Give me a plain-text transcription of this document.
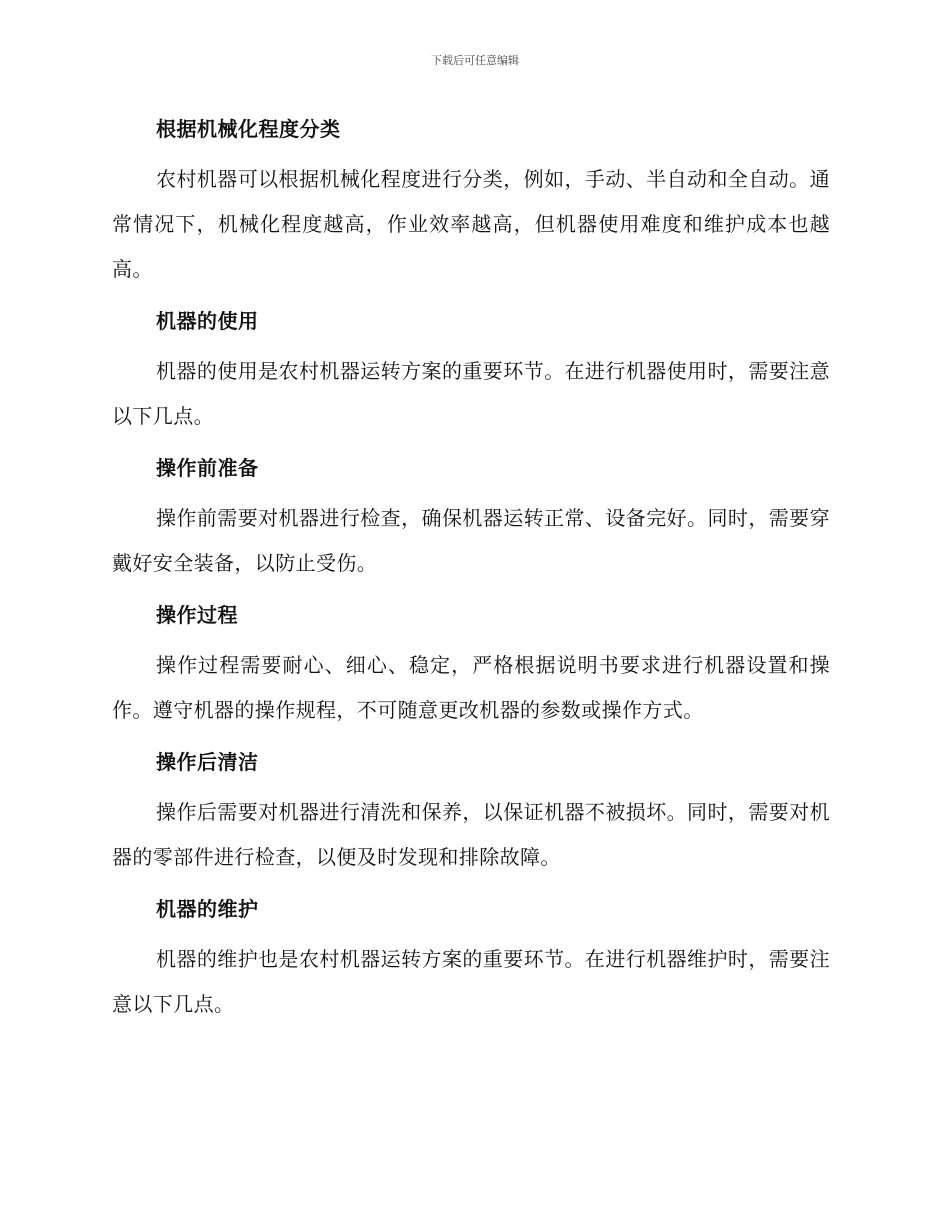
下载后可任意编辑
根据机械化程度分类

农村机器可以根据机械化程度进行分类，例如，手动、半自动和全自动。通常情况下，机械化程度越高，作业效率越高，但机器使用难度和维护成本也越高。

机器的使用

机器的使用是农村机器运转方案的重要环节。在进行机器使用时，需要注意以下几点。

操作前准备

操作前需要对机器进行检查，确保机器运转正常、设备完好。同时，需要穿戴好安全装备，以防止受伤。

操作过程

操作过程需要耐心、细心、稳定，严格根据说明书要求进行机器设置和操作。遵守机器的操作规程，不可随意更改机器的参数或操作方式。

操作后清洁

操作后需要对机器进行清洗和保养，以保证机器不被损坏。同时，需要对机器的零部件进行检查，以便及时发现和排除故障。

机器的维护

机器的维护也是农村机器运转方案的重要环节。在进行机器维护时，需要注意以下几点。
